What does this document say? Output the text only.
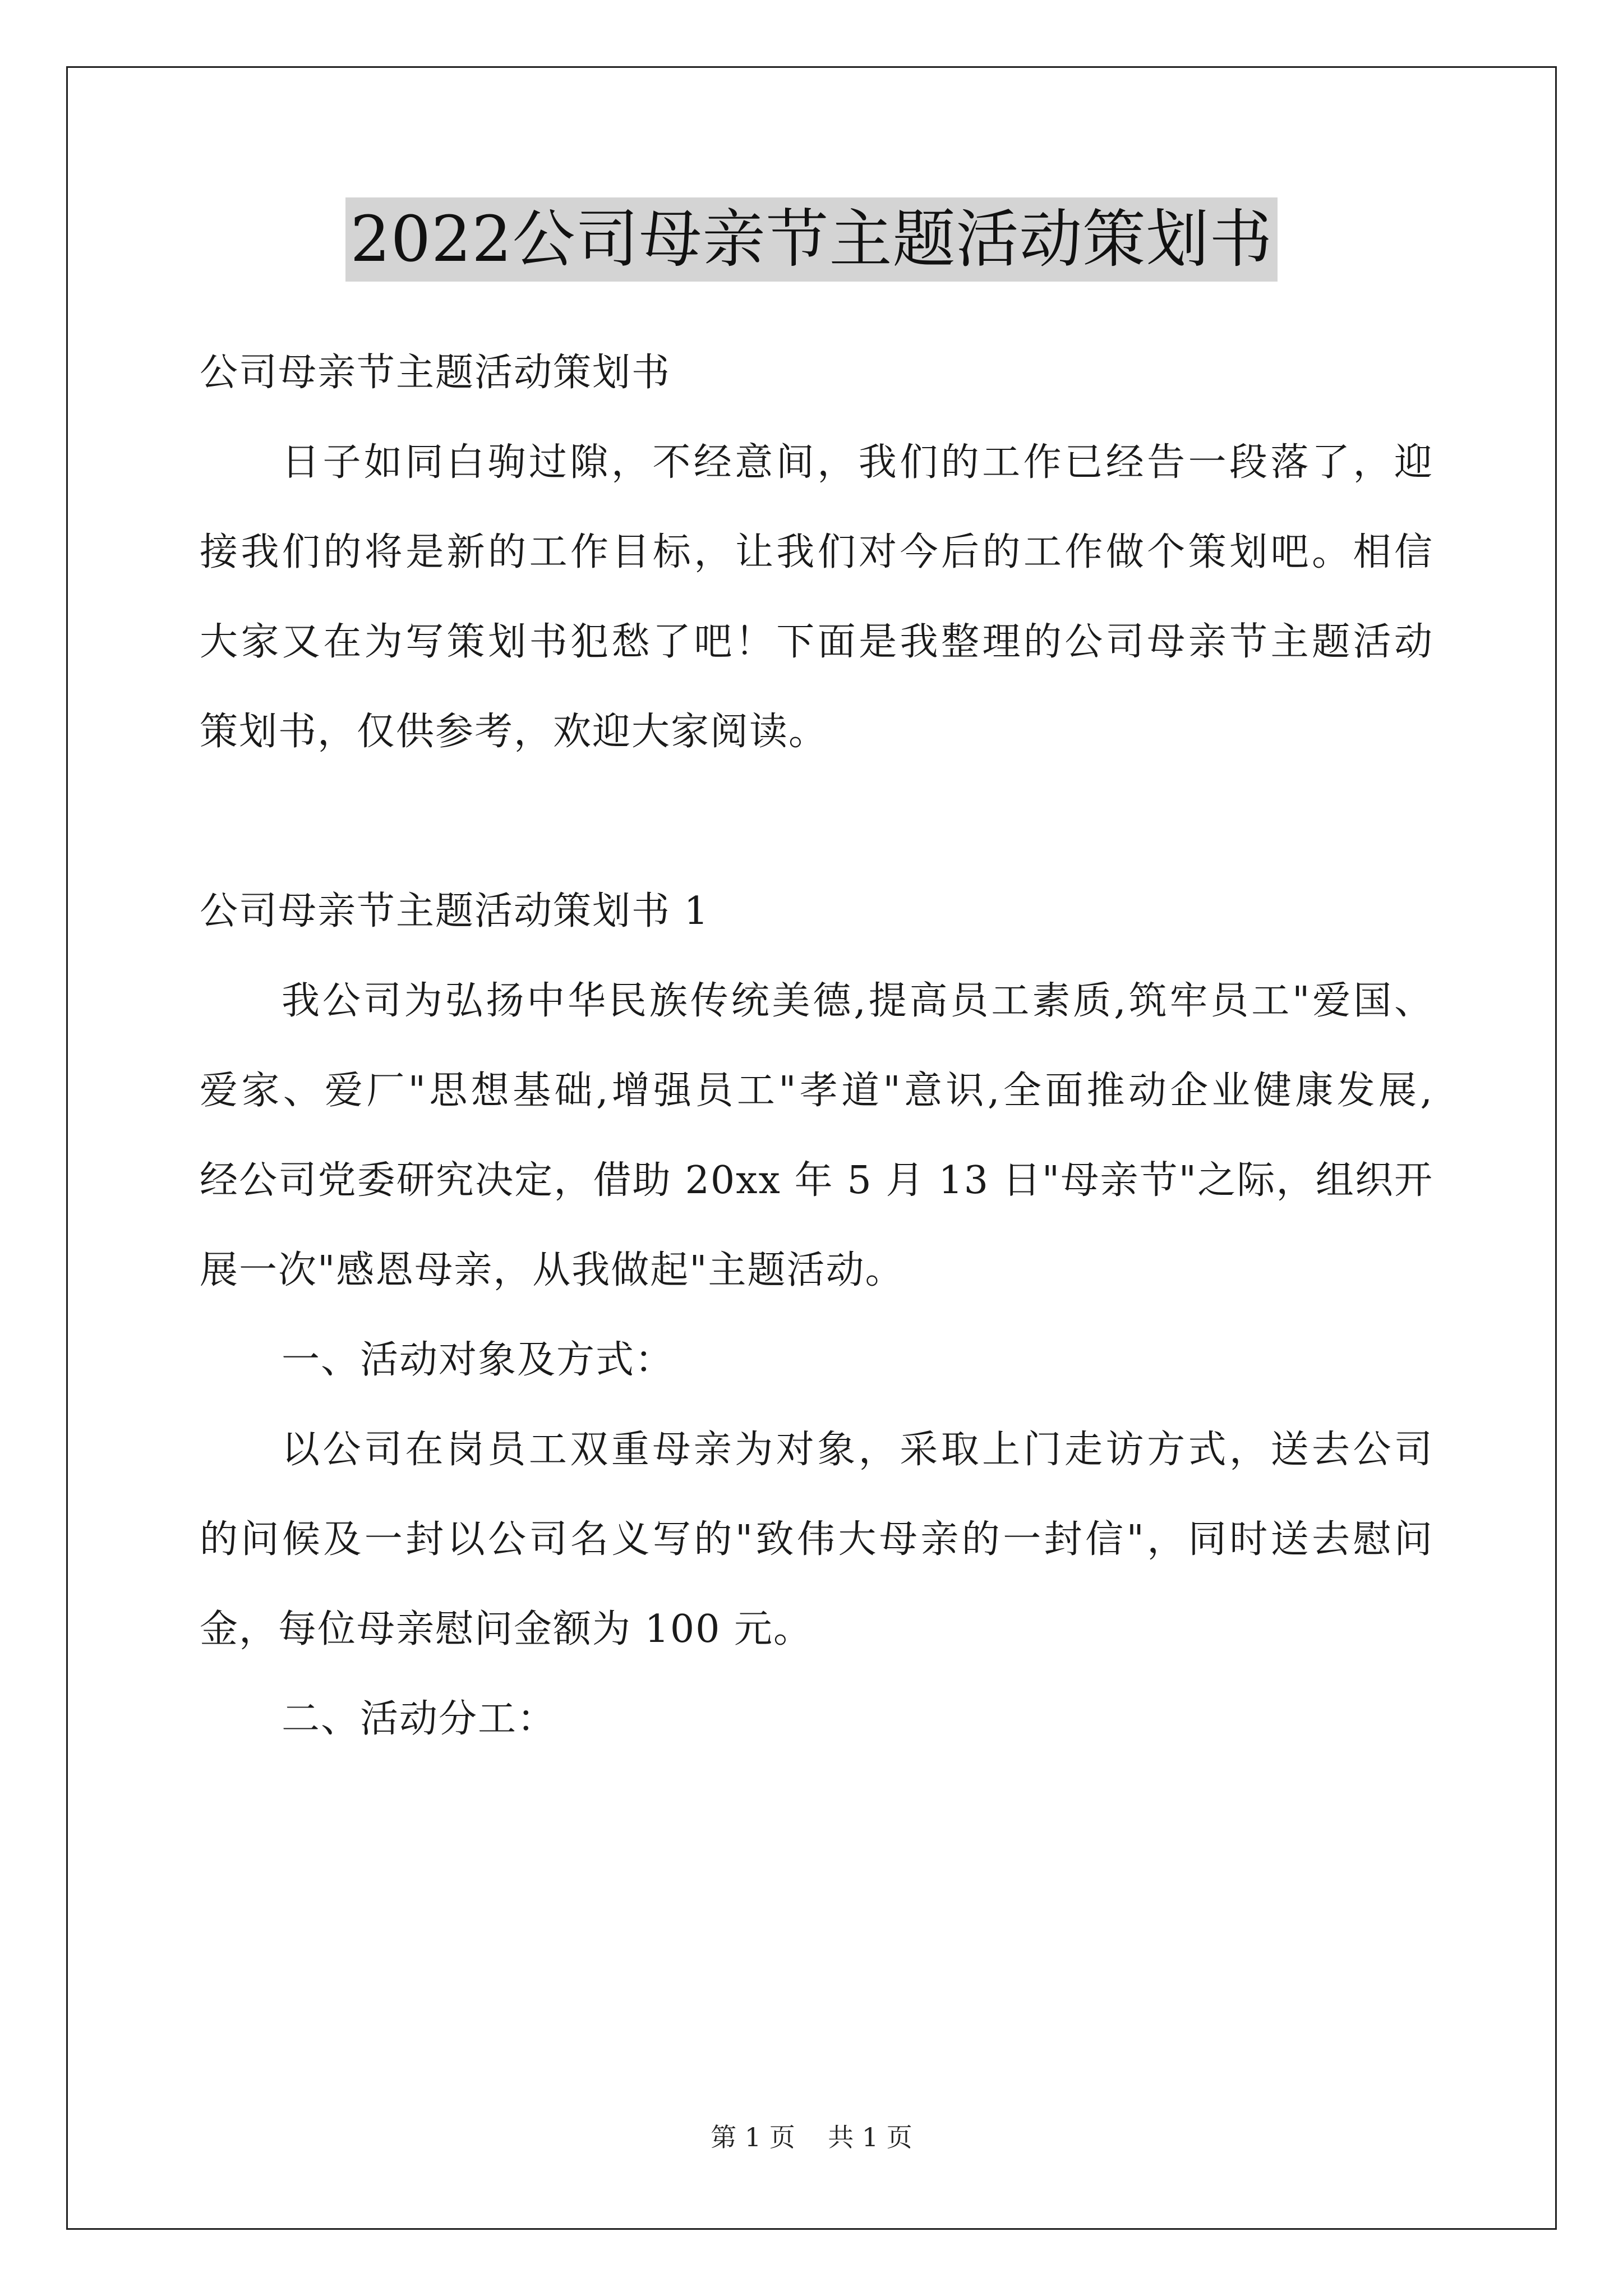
2022公司母亲节主题活动策划书
公司母亲节主题活动策划书
日子如同白驹过隙，不经意间，我们的工作已经告一段落了，迎
接我们的将是新的工作目标，让我们对今后的工作做个策划吧。相信
大家又在为写策划书犯愁了吧！下面是我整理的公司母亲节主题活动
策划书，仅供参考，欢迎大家阅读。
公司母亲节主题活动策划书 1
我公司为弘扬中华民族传统美德,提高员工素质,筑牢员工"爱国、
爱家、爱厂"思想基础,增强员工"孝道"意识,全面推动企业健康发展,
经公司党委研究决定，借助 20xx 年 5 月 13 日"母亲节"之际，组织开
展一次"感恩母亲，从我做起"主题活动。
一、活动对象及方式：
以公司在岗员工双重母亲为对象，采取上门走访方式，送去公司
的问候及一封以公司名义写的"致伟大母亲的一封信"，同时送去慰问
金，每位母亲慰问金额为 100 元。
二、活动分工：
第 1 页 共 1 页
